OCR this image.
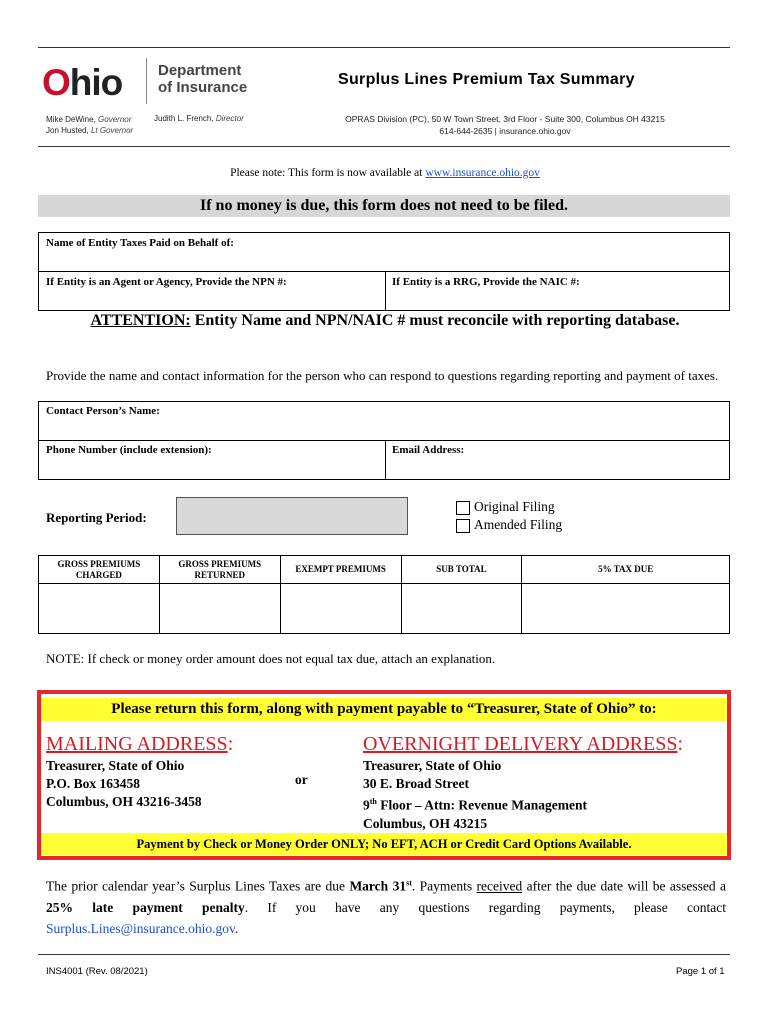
Ohio Department
of Insurance
Mike DeWine, Governor
Jon Husted, Lt Governor
Judith L. French, Director
Surplus Lines Premium Tax Summary
OPRAS Division (PC), 50 W Town Street, 3rd Floor - Suite 300, Columbus OH 43215
614-644-2635 | insurance.ohio.gov
Please note: This form is now available at www.insurance.ohio.gov
If no money is due, this form does not need to be filed.
Name of Entity Taxes Paid on Behalf of:
If Entity is an Agent or Agency, Provide the NPN #:	If Entity is a RRG, Provide the NAIC #:
ATTENTION: Entity Name and NPN/NAIC # must reconcile with reporting database.
Provide the name and contact information for the person who can respond to questions regarding reporting and payment of taxes.
Contact Person’s Name:
Phone Number (include extension):	Email Address:
Reporting Period:
Original Filing
Amended Filing
GROSS PREMIUMS CHARGED	GROSS PREMIUMS RETURNED	EXEMPT PREMIUMS	SUB TOTAL	5% TAX DUE

NOTE: If check or money order amount does not equal tax due, attach an explanation.
Please return this form, along with payment payable to “Treasurer, State of Ohio” to:
MAILING ADDRESS:
Treasurer, State of Ohio
P.O. Box 163458
Columbus, OH 43216-3458
or
OVERNIGHT DELIVERY ADDRESS:
Treasurer, State of Ohio
30 E. Broad Street
9th Floor – Attn: Revenue Management
Columbus, OH 43215
Payment by Check or Money Order ONLY; No EFT, ACH or Credit Card Options Available.
The prior calendar year’s Surplus Lines Taxes are due March 31st. Payments received after the due date will be assessed a 25% late payment penalty. If you have any questions regarding payments, please contact Surplus.Lines@insurance.ohio.gov.
INS4001 (Rev. 08/2021)	Page 1 of 1
